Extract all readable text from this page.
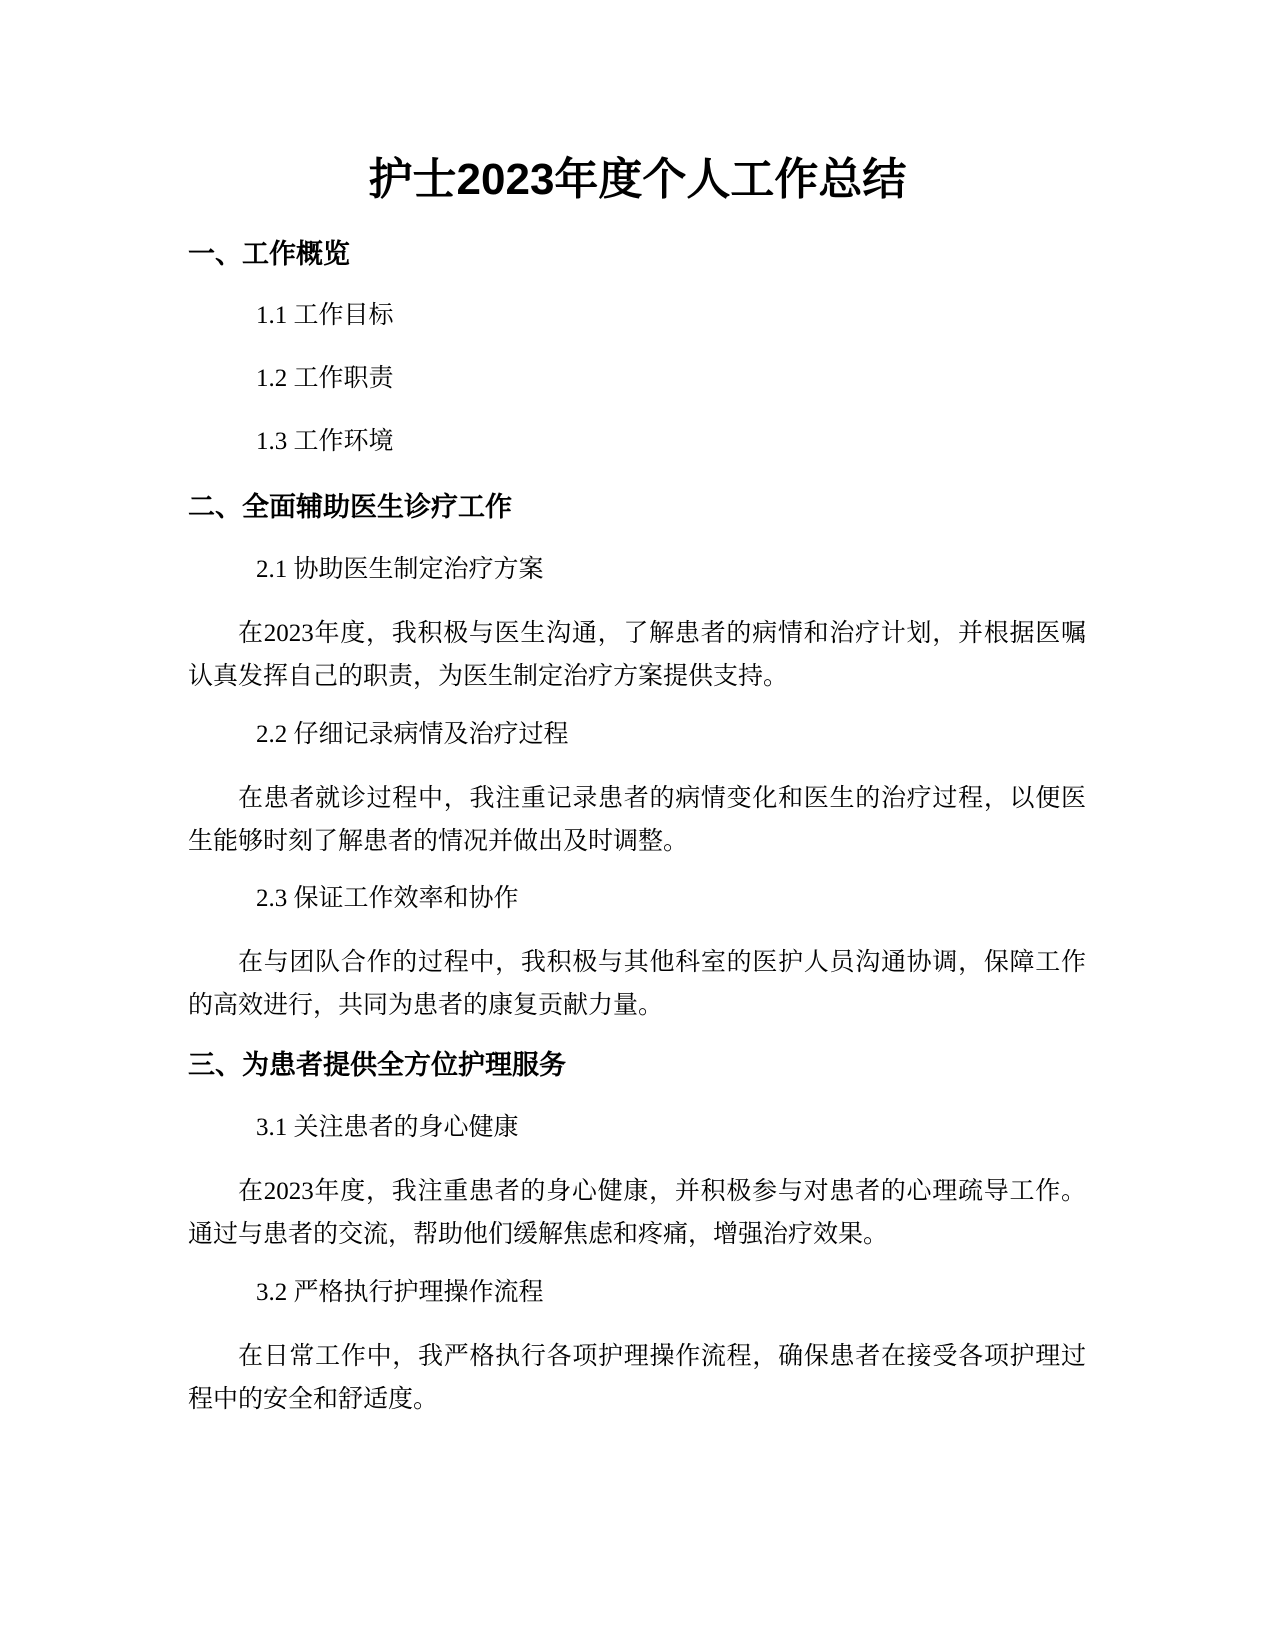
护士2023年度个人工作总结
一、工作概览
1.1 工作目标
1.2 工作职责
1.3 工作环境
二、全面辅助医生诊疗工作
2.1 协助医生制定治疗方案

在2023年度，我积极与医生沟通，了解患者的病情和治疗计划，并根据医嘱认真发挥自己的职责，为医生制定治疗方案提供支持。

2.2 仔细记录病情及治疗过程

在患者就诊过程中，我注重记录患者的病情变化和医生的治疗过程，以便医生能够时刻了解患者的情况并做出及时调整。

2.3 保证工作效率和协作

在与团队合作的过程中，我积极与其他科室的医护人员沟通协调，保障工作的高效进行，共同为患者的康复贡献力量。

三、为患者提供全方位护理服务
3.1 关注患者的身心健康

在2023年度，我注重患者的身心健康，并积极参与对患者的心理疏导工作。通过与患者的交流，帮助他们缓解焦虑和疼痛，增强治疗效果。

3.2 严格执行护理操作流程

在日常工作中，我严格执行各项护理操作流程，确保患者在接受各项护理过程中的安全和舒适度。
